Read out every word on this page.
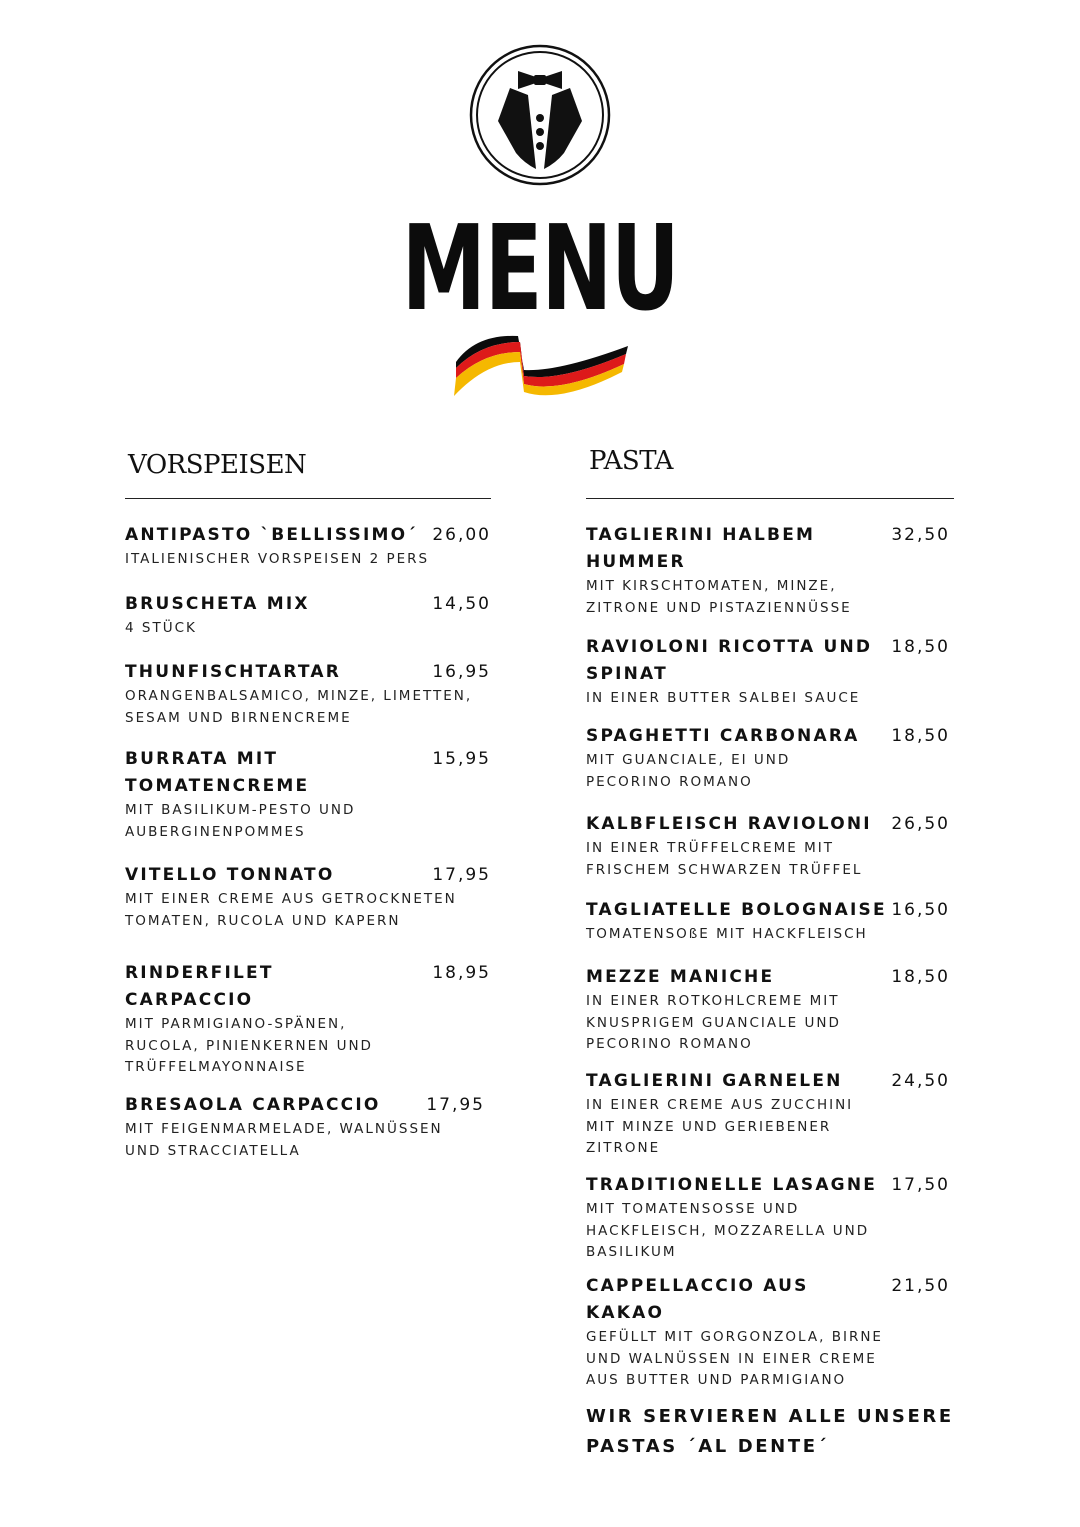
MENU
VORSPEISEN
ANTIPASTO `BELLISSIMO´ 26,00
ITALIENISCHER VORSPEISEN 2 PERS
BRUSCHETA MIX	14,50
4 STÜCK
THUNFISCHTARTAR	16,95
ORANGENBALSAMICO, MINZE, LIMETTEN, SESAM UND BIRNENCREME
BURRATA MIT TOMATENCREME
15,95
MIT BASILIKUM-PESTO UND AUBERGINENPOMMES
VITELLO TONNATO	17,95
MIT EINER CREME AUS GETROCKNETEN TOMATEN, RUCOLA UND KAPERN
RINDERFILET CARPACCIO
18,95
MIT PARMIGIANO-SPÄNEN, RUCOLA, PINIENKERNEN UND TRÜFFELMAYONNAISE
BRESAOLA CARPACCIO	17,95
MIT FEIGENMARMELADE, WALNÜSSEN UND STRACCIATELLA
PASTA
TAGLIERINI HALBEM HUMMER
32,50
MIT KIRSCHTOMATEN, MINZE, ZITRONE UND PISTAZIENNÜSSE
RAVIOLONI RICOTTA UND SPINAT
18,50
IN EINER BUTTER SALBEI SAUCE
SPAGHETTI CARBONARA	18,50
MIT GUANCIALE, EI UND PECORINO ROMANO
KALBFLEISCH RAVIOLONI	26,50
IN EINER TRÜFFELCREME MIT FRISCHEM SCHWARZEN TRÜFFEL
TAGLIATELLE BOLOGNAISE 16,50
TOMATENSOßE MIT HACKFLEISCH
MEZZE MANICHE	18,50
IN EINER ROTKOHLCREME MIT KNUSPRIGEM GUANCIALE UND PECORINO ROMANO
TAGLIERINI GARNELEN	24,50
IN EINER CREME AUS ZUCCHINI MIT MINZE UND GERIEBENER ZITRONE
TRADITIONELLE LASAGNE 17,50
MIT TOMATENSOSSE UND HACKFLEISCH, MOZZARELLA UND BASILIKUM
CAPPELLACCIO AUS KAKAO
21,50
GEFÜLLT MIT GORGONZOLA, BIRNE UND WALNÜSSEN IN EINER CREME AUS BUTTER UND PARMIGIANO
WIR SERVIEREN ALLE UNSERE PASTAS ´AL DENTE´
